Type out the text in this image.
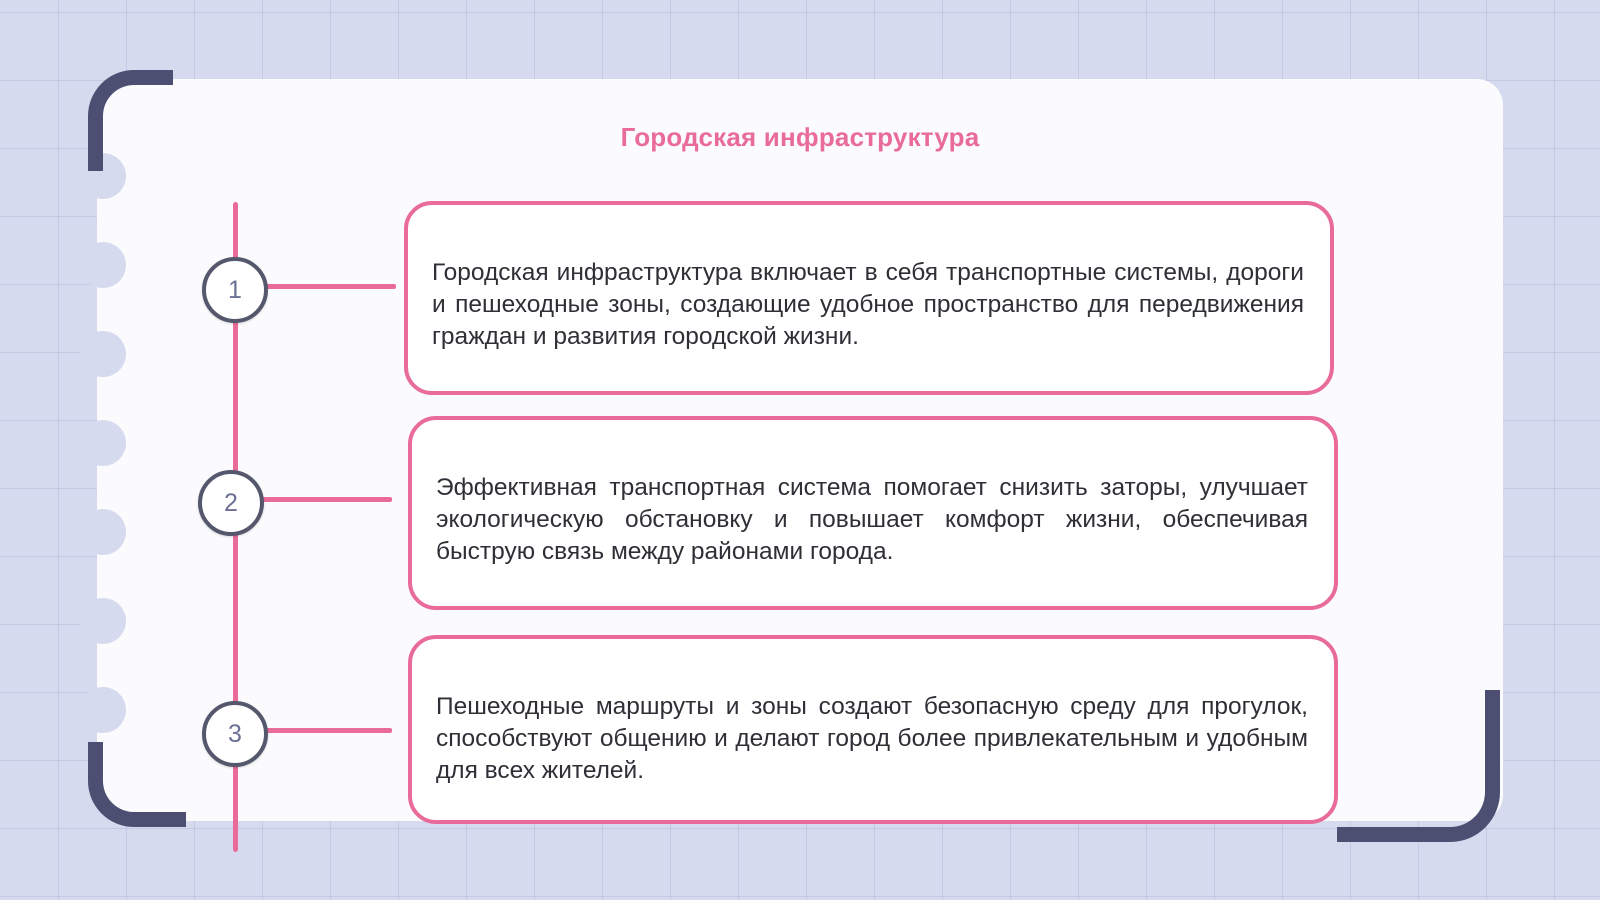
Городская инфраструктура
1

Городская инфраструктура включает в себя транспортные системы, дороги и пешеходные зоны, создающие удобное пространство для передвижения граждан и развития городской жизни.

2

Эффективная транспортная система помогает снизить заторы, улучшает экологическую обстановку и повышает комфорт жизни, обеспечивая быструю связь между районами города.

3

Пешеходные маршруты и зоны создают безопасную среду для прогулок, способствуют общению и делают город более привлекательным и удобным для всех жителей.
